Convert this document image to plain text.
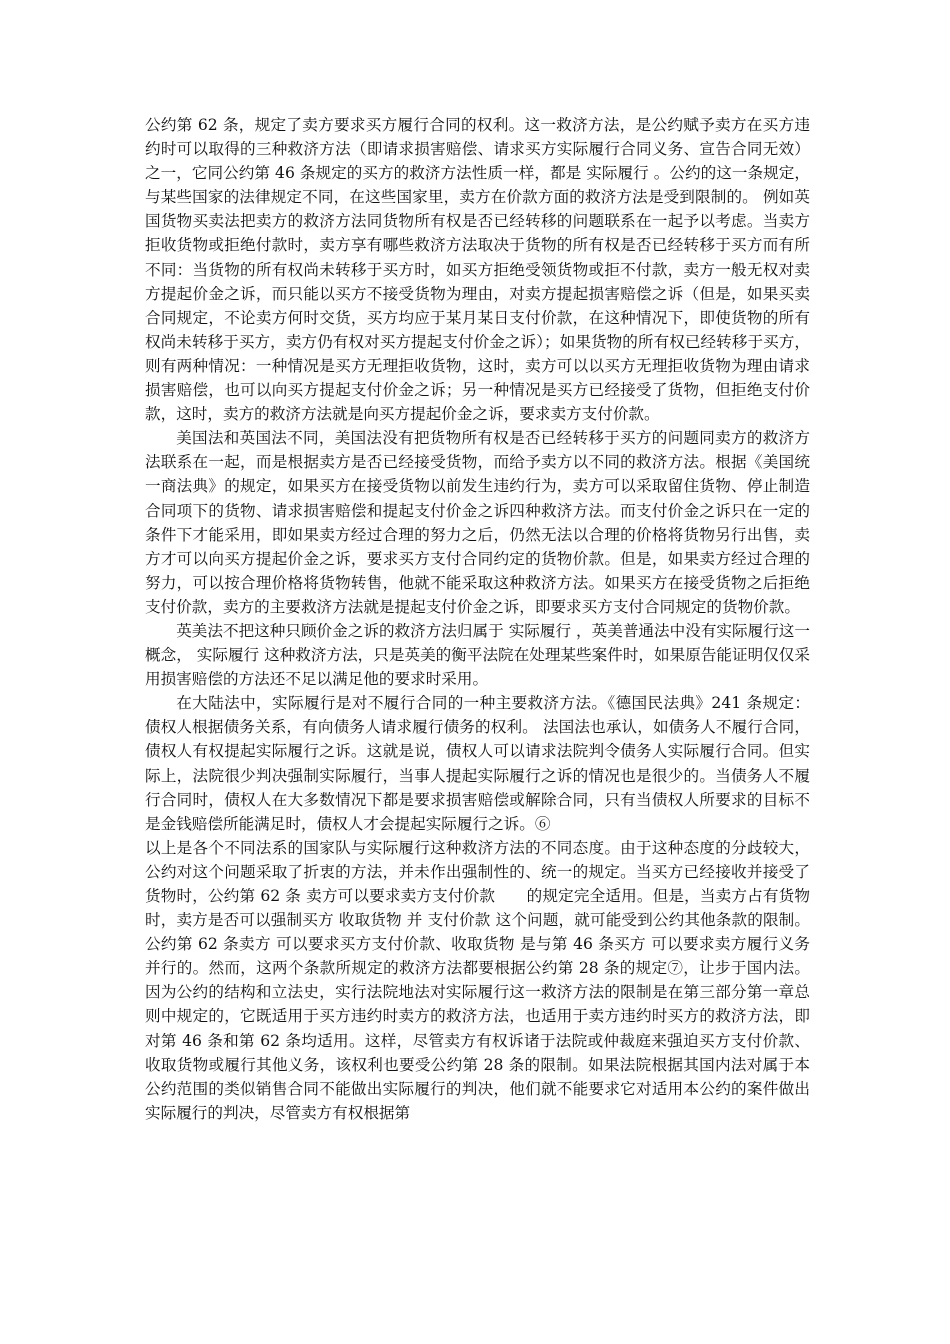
公约第 62 条，规定了卖方要求买方履行合同的权利。这一救济方法，是公约赋予卖方在买方违约时可以取得的三种救济方法（即请求损害赔偿、请求买方实际履行合同义务、宣告合同无效）之一，它同公约第 46 条规定的买方的救济方法性质一样，都是 实际履行 。公约的这一条规定，与某些国家的法律规定不同，在这些国家里，卖方在价款方面的救济方法是受到限制的。 例如英国货物买卖法把卖方的救济方法同货物所有权是否已经转移的问题联系在一起予以考虑。当卖方拒收货物或拒绝付款时，卖方享有哪些救济方法取决于货物的所有权是否已经转移于买方而有所不同：当货物的所有权尚未转移于买方时，如买方拒绝受领货物或拒不付款，卖方一般无权对卖方提起价金之诉，而只能以买方不接受货物为理由，对卖方提起损害赔偿之诉（但是，如果买卖合同规定，不论卖方何时交货，买方均应于某月某日支付价款，在这种情况下，即使货物的所有权尚未转移于买方，卖方仍有权对买方提起支付价金之诉）；如果货物的所有权已经转移于买方，则有两种情况：一种情况是买方无理拒收货物，这时，卖方可以以买方无理拒收货物为理由请求损害赔偿，也可以向买方提起支付价金之诉；另一种情况是买方已经接受了货物，但拒绝支付价款，这时，卖方的救济方法就是向买方提起价金之诉，要求卖方支付价款。

美国法和英国法不同，美国法没有把货物所有权是否已经转移于买方的问题同卖方的救济方法联系在一起，而是根据卖方是否已经接受货物，而给予卖方以不同的救济方法。根据《美国统一商法典》的规定，如果买方在接受货物以前发生违约行为，卖方可以采取留住货物、停止制造合同项下的货物、请求损害赔偿和提起支付价金之诉四种救济方法。而支付价金之诉只在一定的条件下才能采用，即如果卖方经过合理的努力之后，仍然无法以合理的价格将货物另行出售，卖方才可以向买方提起价金之诉，要求买方支付合同约定的货物价款。但是，如果卖方经过合理的努力，可以按合理价格将货物转售，他就不能采取这种救济方法。如果买方在接受货物之后拒绝支付价款，卖方的主要救济方法就是提起支付价金之诉，即要求买方支付合同规定的货物价款。

英美法不把这种只顾价金之诉的救济方法归属于 实际履行 ，英美普通法中没有实际履行这一概念， 实际履行 这种救济方法，只是英美的衡平法院在处理某些案件时，如果原告能证明仅仅采用损害赔偿的方法还不足以满足他的要求时采用。

在大陆法中，实际履行是对不履行合同的一种主要救济方法。《德国民法典》241 条规定： 债权人根据债务关系，有向债务人请求履行债务的权利。 法国法也承认，如债务人不履行合同，债权人有权提起实际履行之诉。这就是说，债权人可以请求法院判令债务人实际履行合同。但实际上，法院很少判决强制实际履行，当事人提起实际履行之诉的情况也是很少的。当债务人不履行合同时，债权人在大多数情况下都是要求损害赔偿或解除合同，只有当债权人所要求的目标不是金钱赔偿所能满足时，债权人才会提起实际履行之诉。⑥

以上是各个不同法系的国家队与实际履行这种救济方法的不同态度。由于这种态度的分歧较大，公约对这个问题采取了折衷的方法，并未作出强制性的、统一的规定。当买方已经接收并接受了货物时，公约第 62 条 卖方可以要求卖方支付价款　　的规定完全适用。但是，当卖方占有货物时，卖方是否可以强制买方 收取货物 并 支付价款 这个问题，就可能受到公约其他条款的限制。公约第 62 条卖方 可以要求买方支付价款、收取货物 是与第 46 条买方 可以要求卖方履行义务 并行的。然而，这两个条款所规定的救济方法都要根据公约第 28 条的规定⑦，让步于国内法。因为公约的结构和立法史，实行法院地法对实际履行这一救济方法的限制是在第三部分第一章总则中规定的，它既适用于买方违约时卖方的救济方法，也适用于卖方违约时买方的救济方法，即对第 46 条和第 62 条均适用。这样，尽管卖方有权诉诸于法院或仲裁庭来强迫买方支付价款、收取货物或履行其他义务，该权利也要受公约第 28 条的限制。如果法院根据其国内法对属于本公约范围的类似销售合同不能做出实际履行的判决，他们就不能要求它对适用本公约的案件做出实际履行的判决，尽管卖方有权根据第
